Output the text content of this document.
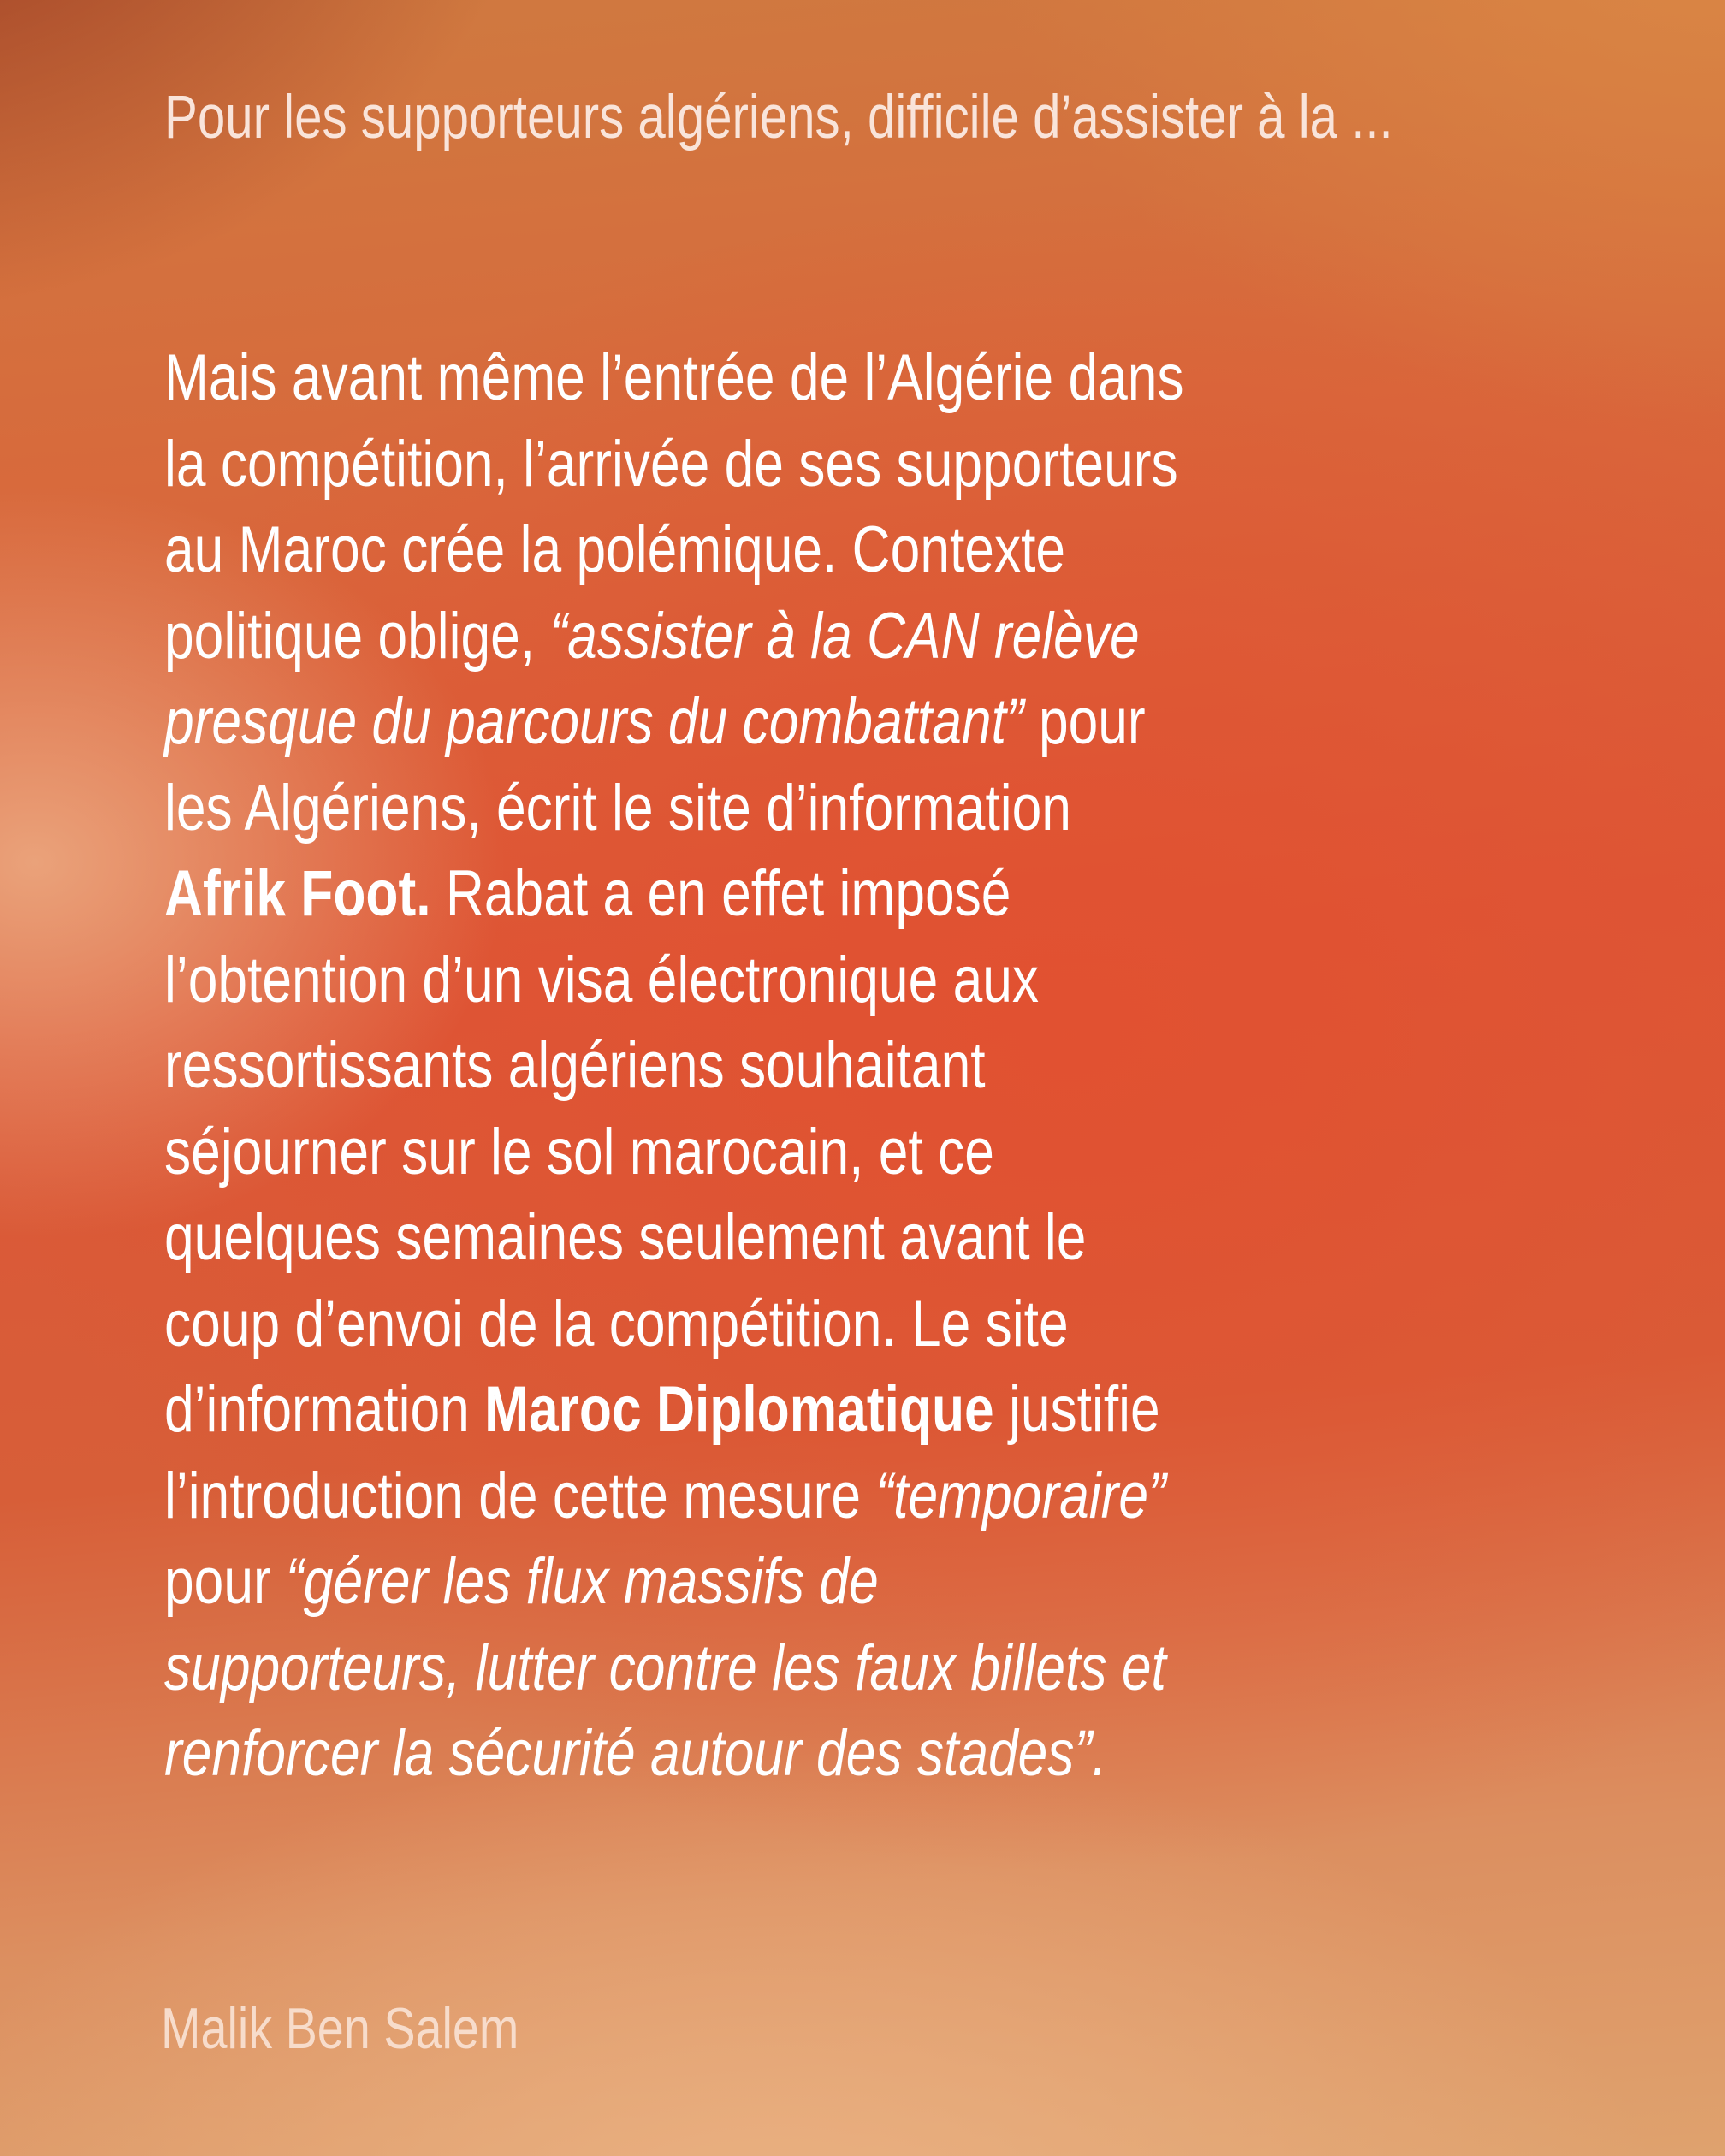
Pour les supporteurs algériens, difficile d’assister à la ...
Mais avant même l’entrée de l’Algérie dans
la compétition, l’arrivée de ses supporteurs
au Maroc crée la polémique. Contexte
politique oblige, “assister à la CAN relève
presque du parcours du combattant” pour
les Algériens, écrit le site d’information
Afrik Foot. Rabat a en effet imposé
l’obtention d’un visa électronique aux
ressortissants algériens souhaitant
séjourner sur le sol marocain, et ce
quelques semaines seulement avant le
coup d’envoi de la compétition. Le site
d’information Maroc Diplomatique justifie
l’introduction de cette mesure “temporaire”
pour “gérer les flux massifs de
supporteurs, lutter contre les faux billets et
renforcer la sécurité autour des stades”.
Malik Ben Salem
